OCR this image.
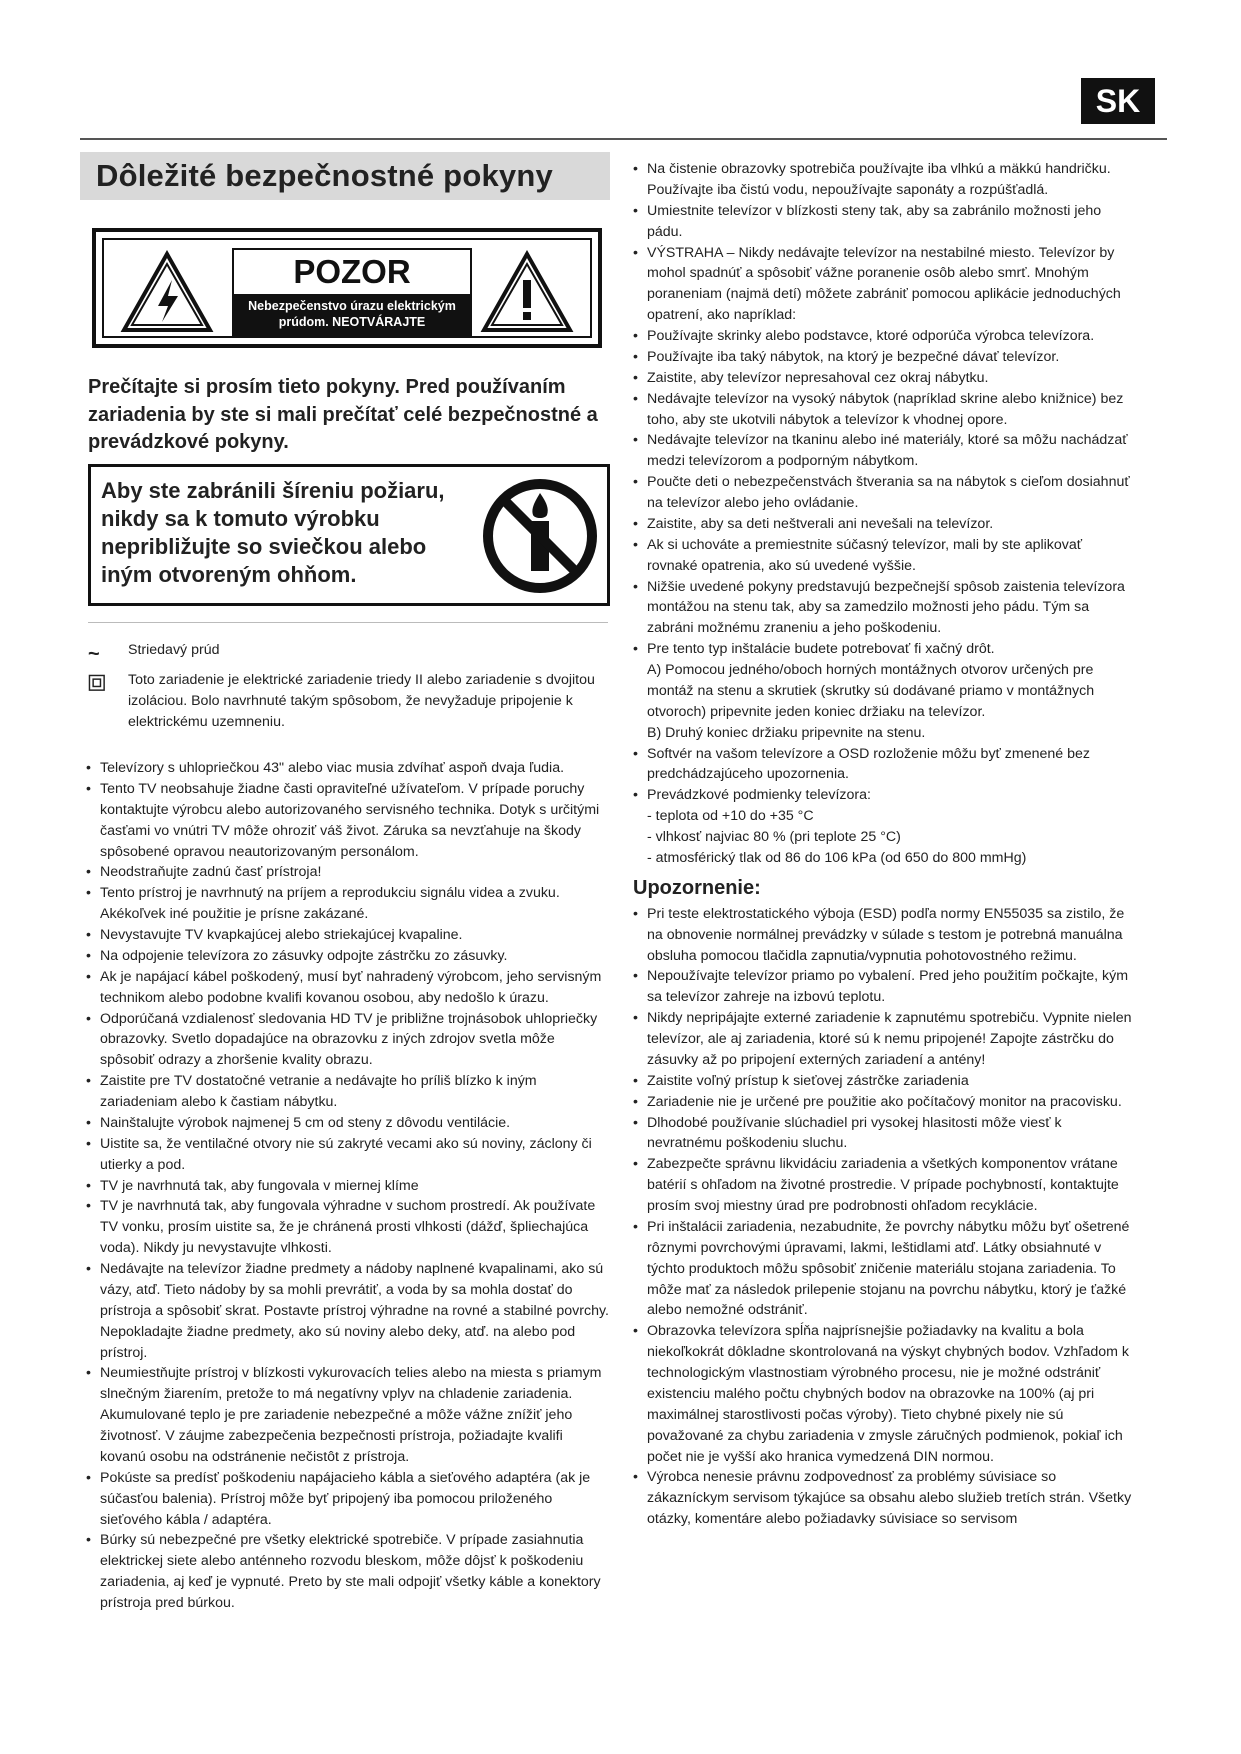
SK
Dôležité bezpečnostné pokyny
POZOR
Nebezpečenstvo úrazu elektrickým
prúdom. NEOTVÁRAJTE
Prečítajte si prosím tieto pokyny. Pred používaním zariadenia by ste si mali prečítať celé bezpečnostné a prevádzkové pokyny.
Aby ste zabránili šíreniu požiaru, nikdy sa k tomuto výrobku nepribližujte so sviečkou alebo iným otvoreným ohňom.
~	Striedavý prúd
Toto zariadenie je elektrické zariadenie triedy II alebo zariadenie s dvojitou izoláciou. Bolo navrhnuté takým spôsobom, že nevyžaduje pripojenie k elektrickému uzemneniu.
• Televízory s uhlopriečkou 43" alebo viac musia zdvíhať aspoň dvaja ľudia.
• Tento TV neobsahuje žiadne časti opraviteľné užívateľom. V prípade poruchy kontaktujte výrobcu alebo autorizovaného servisného technika. Dotyk s určitými časťami vo vnútri TV môže ohroziť váš život. Záruka sa nevzťahuje na škody spôsobené opravou neautorizovaným personálom.
• Neodstraňujte zadnú časť prístroja!
• Tento prístroj je navrhnutý na príjem a reprodukciu signálu videa a zvuku. Akékoľvek iné použitie je prísne zakázané.
• Nevystavujte TV kvapkajúcej alebo striekajúcej kvapaline.
• Na odpojenie televízora zo zásuvky odpojte zástrčku zo zásuvky.
• Ak je napájací kábel poškodený, musí byť nahradený výrobcom, jeho servisným technikom alebo podobne kvalifi kovanou osobou, aby nedošlo k úrazu.
• Odporúčaná vzdialenosť sledovania HD TV je približne trojnásobok uhlopriečky obrazovky. Svetlo dopadajúce na obrazovku z iných zdrojov svetla môže spôsobiť odrazy a zhoršenie kvality obrazu.
• Zaistite pre TV dostatočné vetranie a nedávajte ho príliš blízko k iným zariadeniam alebo k častiam nábytku.
• Nainštalujte výrobok najmenej 5 cm od steny z dôvodu ventilácie.
• Uistite sa, že ventilačné otvory nie sú zakryté vecami ako sú noviny, záclony či utierky a pod.
• TV je navrhnutá tak, aby fungovala v miernej klíme
• TV je navrhnutá tak, aby fungovala výhradne v suchom prostredí. Ak používate TV vonku, prosím uistite sa, že je chránená prosti vlhkosti (dážď, špliechajúca voda). Nikdy ju nevystavujte vlhkosti.
• Nedávajte na televízor žiadne predmety a nádoby naplnené kvapalinami, ako sú vázy, atď. Tieto nádoby by sa mohli prevrátiť, a voda by sa mohla dostať do prístroja a spôsobiť skrat. Postavte prístroj výhradne na rovné a stabilné povrchy. Nepokladajte žiadne predmety, ako sú noviny alebo deky, atď. na alebo pod prístroj.
• Neumiestňujte prístroj v blízkosti vykurovacích telies alebo na miesta s priamym slnečným žiarením, pretože to má negatívny vplyv na chladenie zariadenia. Akumulované teplo je pre zariadenie nebezpečné a môže vážne znížiť jeho životnosť. V záujme zabezpečenia bezpečnosti prístroja, požiadajte kvalifi kovanú osobu na odstránenie nečistôt z prístroja.
• Pokúste sa predísť poškodeniu napájacieho kábla a sieťového adaptéra (ak je súčasťou balenia). Prístroj môže byť pripojený iba pomocou priloženého sieťového kábla / adaptéra.
• Búrky sú nebezpečné pre všetky elektrické spotrebiče. V prípade zasiahnutia elektrickej siete alebo anténneho rozvodu bleskom, môže dôjsť k poškodeniu zariadenia, aj keď je vypnuté. Preto by ste mali odpojiť všetky káble a konektory prístroja pred búrkou.
• Na čistenie obrazovky spotrebiča používajte iba vlhkú a mäkkú handričku. Používajte iba čistú vodu, nepoužívajte saponáty a rozpúšťadlá.
• Umiestnite televízor v blízkosti steny tak, aby sa zabránilo možnosti jeho pádu.
• VÝSTRAHA – Nikdy nedávajte televízor na nestabilné miesto. Televízor by mohol spadnúť a spôsobiť vážne poranenie osôb alebo smrť. Mnohým poraneniam (najmä detí) môžete zabrániť pomocou aplikácie jednoduchých opatrení, ako napríklad:
• Používajte skrinky alebo podstavce, ktoré odporúča výrobca televízora.
• Používajte iba taký nábytok, na ktorý je bezpečné dávať televízor.
• Zaistite, aby televízor nepresahoval cez okraj nábytku.
• Nedávajte televízor na vysoký nábytok (napríklad skrine alebo knižnice) bez toho, aby ste ukotvili nábytok a televízor k vhodnej opore.
• Nedávajte televízor na tkaninu alebo iné materiály, ktoré sa môžu nachádzať medzi televízorom a podporným nábytkom.
• Poučte deti o nebezpečenstvách štverania sa na nábytok s cieľom dosiahnuť na televízor alebo jeho ovládanie.
• Zaistite, aby sa deti neštverali ani nevešali na televízor.
• Ak si uchováte a premiestnite súčasný televízor, mali by ste aplikovať rovnaké opatrenia, ako sú uvedené vyššie.
• Nižšie uvedené pokyny predstavujú bezpečnejší spôsob zaistenia televízora montážou na stenu tak, aby sa zamedzilo možnosti jeho pádu. Tým sa zabráni možnému zraneniu a jeho poškodeniu.
• Pre tento typ inštalácie budete potrebovať fi xačný drôt.
A) Pomocou jedného/oboch horných montážnych otvorov určených pre montáž na stenu a skrutiek (skrutky sú dodávané priamo v montážnych otvoroch) pripevnite jeden koniec držiaku na televízor.
B) Druhý koniec držiaku pripevnite na stenu.
• Softvér na vašom televízore a OSD rozloženie môžu byť zmenené bez predchádzajúceho upozornenia.
• Prevádzkové podmienky televízora:
- teplota od +10 do +35 °C
- vlhkosť najviac 80 % (pri teplote 25 °C)
- atmosférický tlak od 86 do 106 kPa (od 650 do 800 mmHg)
Upozornenie:
• Pri teste elektrostatického výboja (ESD) podľa normy EN55035 sa zistilo, že na obnovenie normálnej prevádzky v súlade s testom je potrebná manuálna obsluha pomocou tlačidla zapnutia/vypnutia pohotovostného režimu.
• Nepoužívajte televízor priamo po vybalení. Pred jeho použitím počkajte, kým sa televízor zahreje na izbovú teplotu.
• Nikdy nepripájajte externé zariadenie k zapnutému spotrebiču. Vypnite nielen televízor, ale aj zariadenia, ktoré sú k nemu pripojené! Zapojte zástrčku do zásuvky až po pripojení externých zariadení a antény!
• Zaistite voľný prístup k sieťovej zástrčke zariadenia
• Zariadenie nie je určené pre použitie ako počítačový monitor na pracovisku.
• Dlhodobé používanie slúchadiel pri vysokej hlasitosti môže viesť k nevratnému poškodeniu sluchu.
• Zabezpečte správnu likvidáciu zariadenia a všetkých komponentov vrátane batérií s ohľadom na životné prostredie. V prípade pochybností, kontaktujte prosím svoj miestny úrad pre podrobnosti ohľadom recyklácie.
• Pri inštalácii zariadenia, nezabudnite, že povrchy nábytku môžu byť ošetrené rôznymi povrchovými úpravami, lakmi, leštidlami atď. Látky obsiahnuté v týchto produktoch môžu spôsobiť zničenie materiálu stojana zariadenia. To môže mať za následok prilepenie stojanu na povrchu nábytku, ktorý je ťažké alebo nemožné odstrániť.
• Obrazovka televízora spĺňa najprísnejšie požiadavky na kvalitu a bola niekoľkokrát dôkladne skontrolovaná na výskyt chybných bodov. Vzhľadom k technologickým vlastnostiam výrobného procesu, nie je možné odstrániť existenciu malého počtu chybných bodov na obrazovke na 100% (aj pri maximálnej starostlivosti počas výroby). Tieto chybné pixely nie sú považované za chybu zariadenia v zmysle záručných podmienok, pokiaľ ich počet nie je vyšší ako hranica vymedzená DIN normou.
• Výrobca nenesie právnu zodpovednosť za problémy súvisiace so zákazníckym servisom týkajúce sa obsahu alebo služieb tretích strán. Všetky otázky, komentáre alebo požiadavky súvisiace so servisom
